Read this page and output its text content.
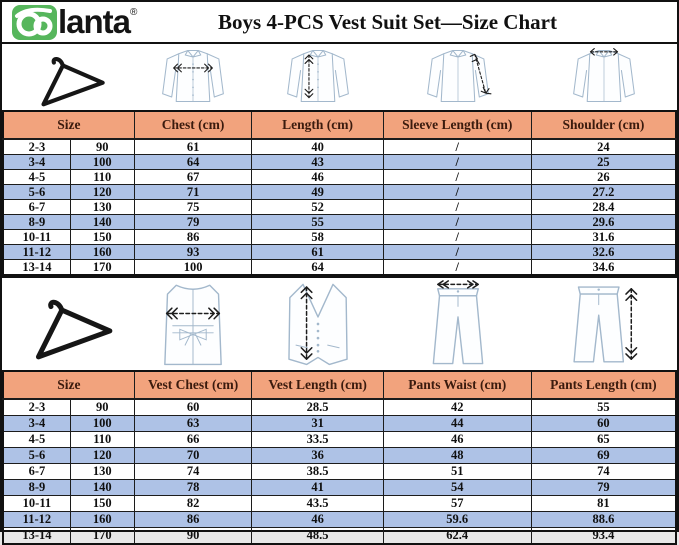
lanta ®	Boys 4-PCS Vest Suit Set—Size Chart
Size		Chest (cm)	Length (cm)	Sleeve Length (cm)	Shoulder (cm)
2-3	90	61	40	/	24
3-4	100	64	43	/	25
4-5	110	67	46	/	26
5-6	120	71	49	/	27.2
6-7	130	75	52	/	28.4
8-9	140	79	55	/	29.6
10-11	150	86	58	/	31.6
11-12	160	93	61	/	32.6
13-14	170	100	64	/	34.6
Size		Vest Chest (cm)	Vest Length (cm)	Pants Waist (cm)	Pants Length (cm)
2-3	90	60	28.5	42	55
3-4	100	63	31	44	60
4-5	110	66	33.5	46	65
5-6	120	70	36	48	69
6-7	130	74	38.5	51	74
8-9	140	78	41	54	79
10-11	150	82	43.5	57	81
11-12	160	86	46	59.6	88.6
13-14	170	90	48.5	62.4	93.4
